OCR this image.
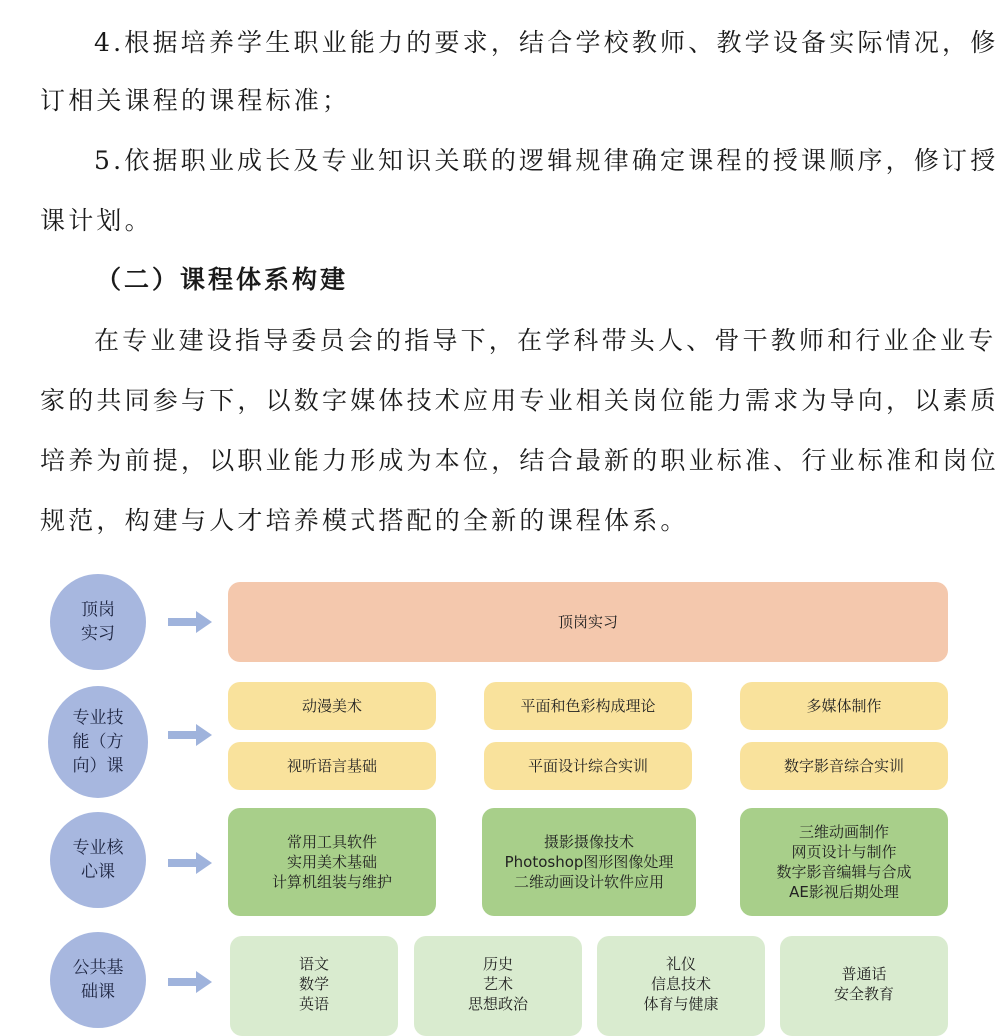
4.根据培养学生职业能力的要求，结合学校教师、教学设备实际情况，修
订相关课程的课程标准；
5.依据职业成长及专业知识关联的逻辑规律确定课程的授课顺序，修订授
课计划。
（二）课程体系构建
在专业建设指导委员会的指导下，在学科带头人、骨干教师和行业企业专
家的共同参与下，以数字媒体技术应用专业相关岗位能力需求为导向，以素质
培养为前提，以职业能力形成为本位，结合最新的职业标准、行业标准和岗位
规范，构建与人才培养模式搭配的全新的课程体系。
顶岗
实习
顶岗实习
专业技
能（方
向）课
动漫美术	平面和色彩构成理论	多媒体制作
视听语言基础	平面设计综合实训	数字影音综合实训
专业核
心课
常用工具软件
实用美术基础
计算机组装与维护
摄影摄像技术
Photoshop图形图像处理
二维动画设计软件应用
三维动画制作
网页设计与制作
数字影音编辑与合成
AE影视后期处理
公共基
础课
语文
数学
英语
历史
艺术
思想政治
礼仪
信息技术
体育与健康
普通话
安全教育
